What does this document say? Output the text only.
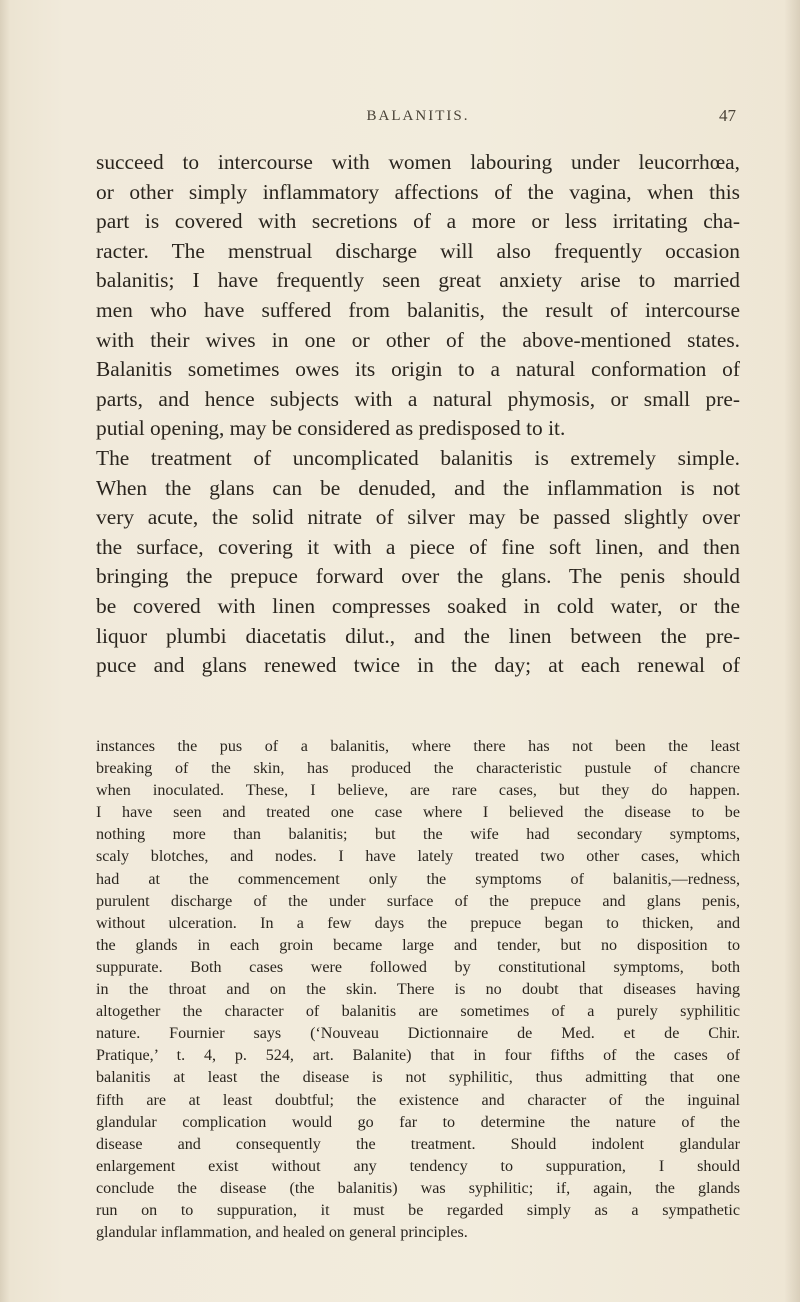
BALANITIS.	47
succeed to intercourse with women labouring under leucorrhœa,
or other simply inflammatory affections of the vagina, when this
part is covered with secretions of a more or less irritating cha-
racter. The menstrual discharge will also frequently occasion
balanitis; I have frequently seen great anxiety arise to married
men who have suffered from balanitis, the result of intercourse
with their wives in one or other of the above-mentioned states.
Balanitis sometimes owes its origin to a natural conformation of
parts, and hence subjects with a natural phymosis, or small pre-
putial opening, may be considered as predisposed to it.
The treatment of uncomplicated balanitis is extremely simple.
When the glans can be denuded, and the inflammation is not
very acute, the solid nitrate of silver may be passed slightly over
the surface, covering it with a piece of fine soft linen, and then
bringing the prepuce forward over the glans. The penis should
be covered with linen compresses soaked in cold water, or the
liquor plumbi diacetatis dilut., and the linen between the pre-
puce and glans renewed twice in the day; at each renewal of
instances the pus of a balanitis, where there has not been the least
breaking of the skin, has produced the characteristic pustule of chancre
when inoculated. These, I believe, are rare cases, but they do happen.
I have seen and treated one case where I believed the disease to be
nothing more than balanitis; but the wife had secondary symptoms,
scaly blotches, and nodes. I have lately treated two other cases, which
had at the commencement only the symptoms of balanitis,—redness,
purulent discharge of the under surface of the prepuce and glans penis,
without ulceration. In a few days the prepuce began to thicken, and
the glands in each groin became large and tender, but no disposition to
suppurate. Both cases were followed by constitutional symptoms, both
in the throat and on the skin. There is no doubt that diseases having
altogether the character of balanitis are sometimes of a purely syphilitic
nature. Fournier says (‘Nouveau Dictionnaire de Med. et de Chir.
Pratique,’ t. 4, p. 524, art. Balanite) that in four fifths of the cases of
balanitis at least the disease is not syphilitic, thus admitting that one
fifth are at least doubtful; the existence and character of the inguinal
glandular complication would go far to determine the nature of the
disease and consequently the treatment. Should indolent glandular
enlargement exist without any tendency to suppuration, I should
conclude the disease (the balanitis) was syphilitic; if, again, the glands
run on to suppuration, it must be regarded simply as a sympathetic
glandular inflammation, and healed on general principles.
